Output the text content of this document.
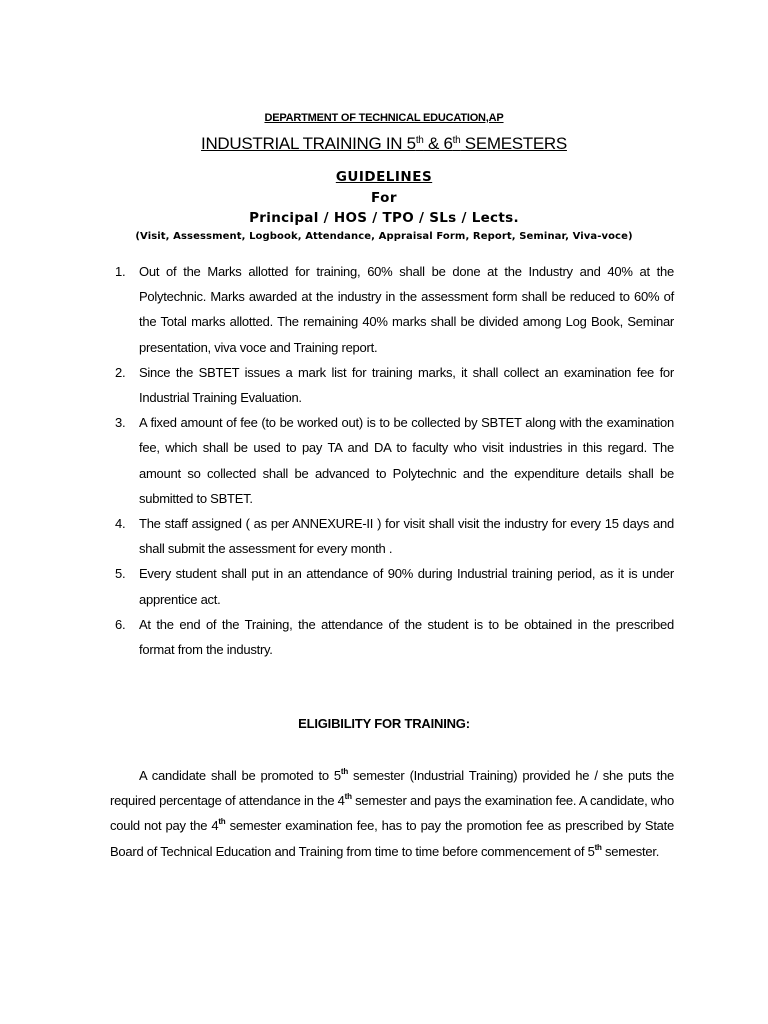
DEPARTMENT OF TECHNICAL EDUCATION,AP
INDUSTRIAL TRAINING IN 5th & 6th SEMESTERS
GUIDELINES
For
Principal / HOS / TPO / SLs / Lects.
(Visit, Assessment, Logbook, Attendance, Appraisal Form, Report, Seminar, Viva-voce)
1. Out of the Marks allotted for training, 60% shall be done at the Industry and 40% at the Polytechnic. Marks awarded at the industry in the assessment form shall be reduced to 60% of the Total marks allotted. The remaining 40% marks shall be divided among Log Book, Seminar presentation, viva voce and Training report.
2. Since the SBTET issues a mark list for training marks, it shall collect an examination fee for Industrial Training Evaluation.
3. A fixed amount of fee (to be worked out) is to be collected by SBTET along with the examination fee, which shall be used to pay TA and DA to faculty who visit industries in this regard. The amount so collected shall be advanced to Polytechnic and the expenditure details shall be submitted to SBTET.
4. The staff assigned ( as per ANNEXURE-II ) for visit shall visit the industry for every 15 days and shall submit the assessment for every month .
5. Every student shall put in an attendance of 90% during Industrial training period, as it is under apprentice act.
6. At the end of the Training, the attendance of the student is to be obtained in the prescribed format from the industry.
ELIGIBILITY FOR TRAINING:

A candidate shall be promoted to 5th semester (Industrial Training) provided he / she puts the required percentage of attendance in the 4th semester and pays the examination fee. A candidate, who could not pay the 4th semester examination fee, has to pay the promotion fee as prescribed by State Board of Technical Education and Training from time to time before commencement of 5th semester.
